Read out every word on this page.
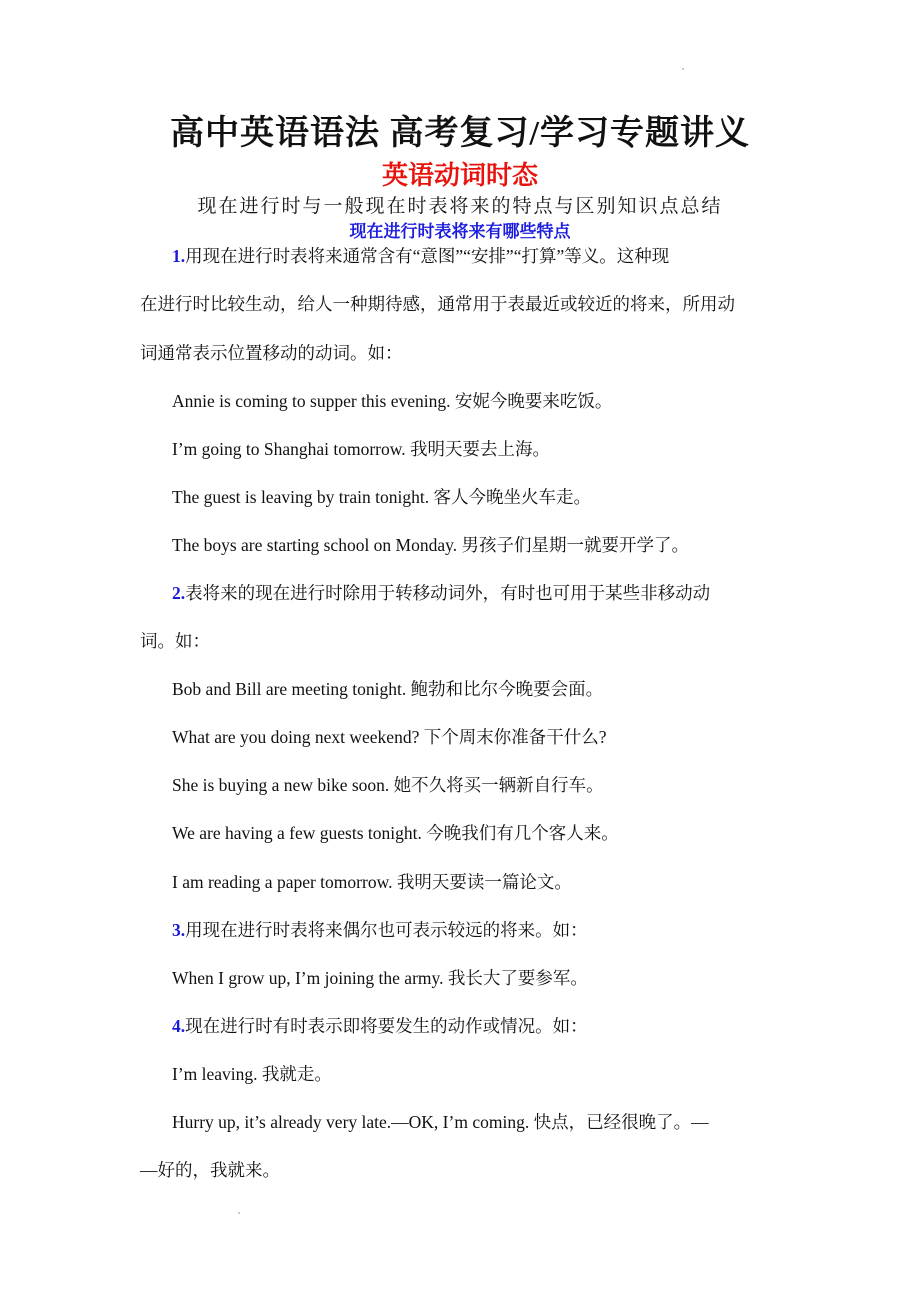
高中英语语法 高考复习/学习专题讲义
英语动词时态
现在进行时与一般现在时表将来的特点与区别知识点总结
现在进行时表将来有哪些特点
1.用现在进行时表将来通常含有“意图”“安排”“打算”等义。这种现
在进行时比较生动，给人一种期待感，通常用于表最近或较近的将来，所用动
词通常表示位置移动的动词。如：
Annie is coming to supper this evening. 安妮今晚要来吃饭。
I’m going to Shanghai tomorrow. 我明天要去上海。
The guest is leaving by train tonight. 客人今晚坐火车走。
The boys are starting school on Monday. 男孩子们星期一就要开学了。
2.表将来的现在进行时除用于转移动词外，有时也可用于某些非移动动
词。如：
Bob and Bill are meeting tonight. 鲍勃和比尔今晚要会面。
What are you doing next weekend? 下个周末你准备干什么?
She is buying a new bike soon. 她不久将买一辆新自行车。
We are having a few guests tonight. 今晚我们有几个客人来。
I am reading a paper tomorrow. 我明天要读一篇论文。
3.用现在进行时表将来偶尔也可表示较远的将来。如：
When I grow up, I’m joining the army. 我长大了要参军。
4.现在进行时有时表示即将要发生的动作或情况。如：
I’m leaving. 我就走。
Hurry up, it’s already very late.—OK, I’m coming. 快点，已经很晚了。—
—好的，我就来。
